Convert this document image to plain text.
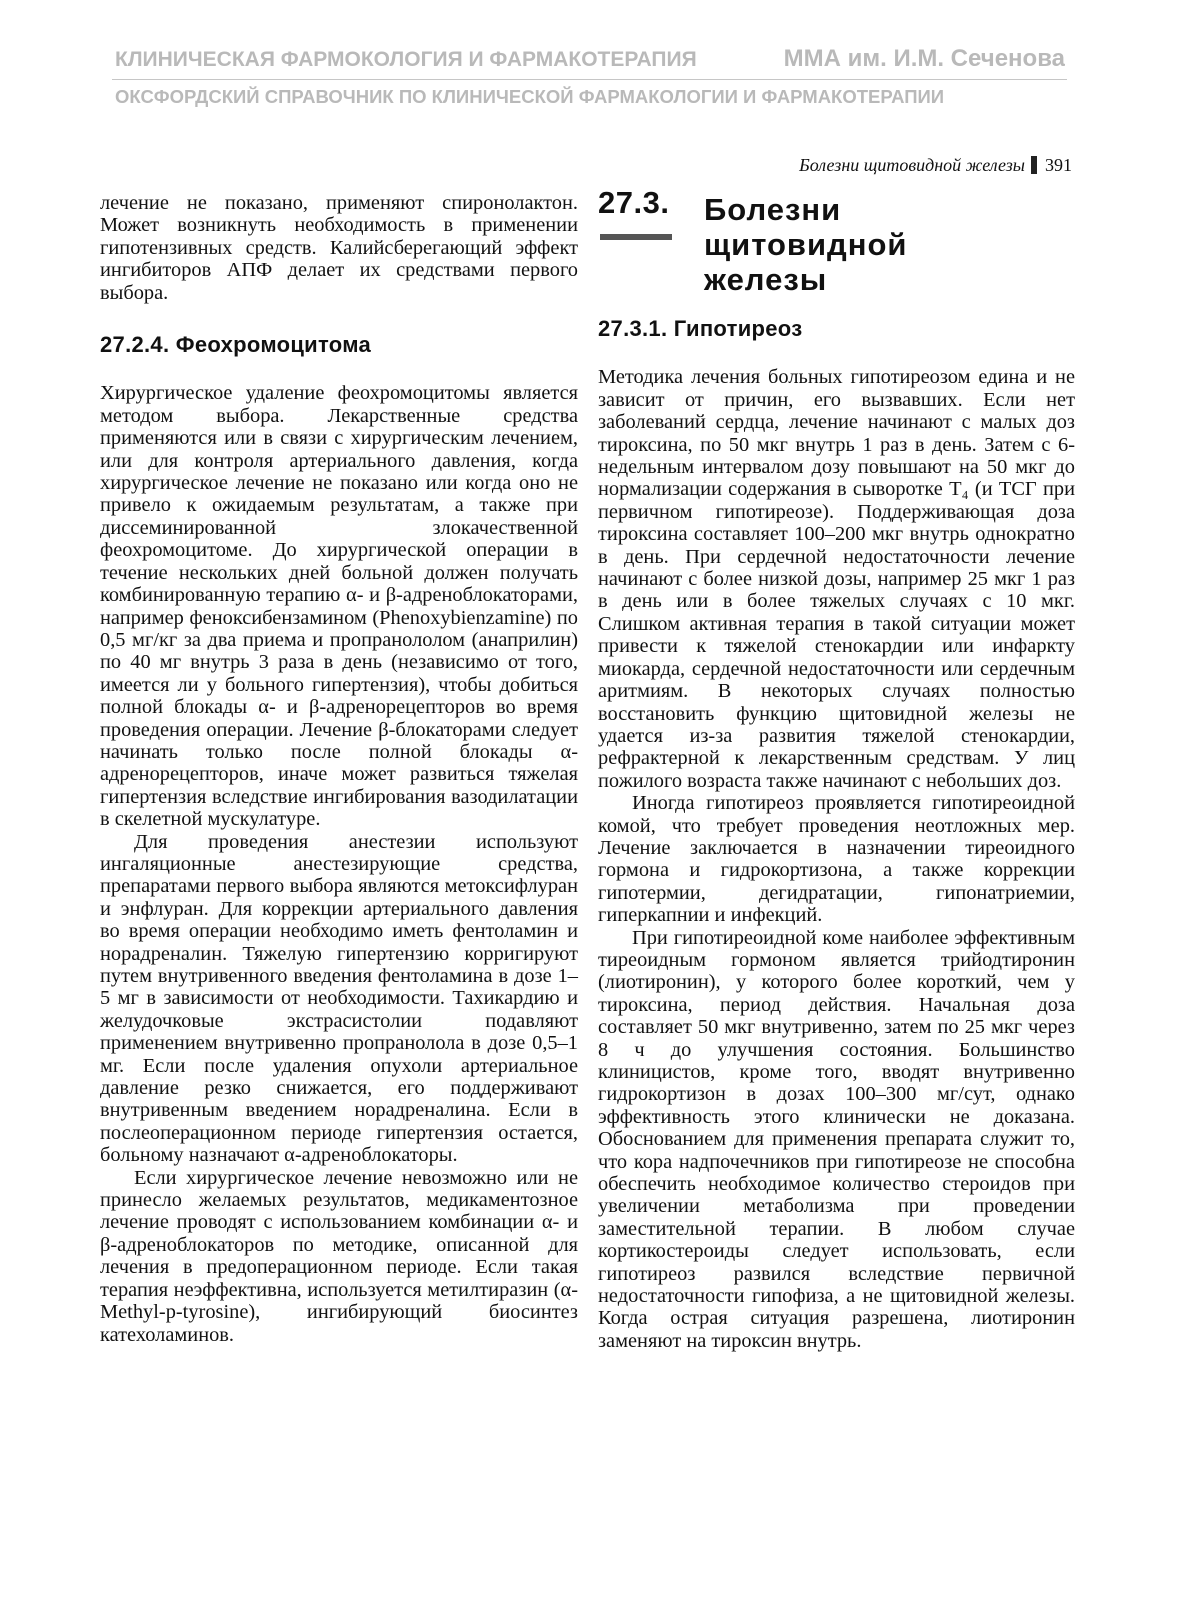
КЛИНИЧЕСКАЯ ФАРМОКОЛОГИЯ И ФАРМАКОТЕРАПИЯ	ММА им. И.М. Сеченова
ОКСФОРДСКИЙ СПРАВОЧНИК ПО КЛИНИЧЕСКОЙ ФАРМАКОЛОГИИ И ФАРМАКОТЕРАПИИ
Болезни щитовидной железы 391

лечение не показано, применяют спиронолактон. Может возникнуть необходимость в применении гипотензивных средств. Калийсберегающий эффект ингибиторов АПФ делает их средствами первого выбора.

27.2.4. Феохромоцитома

Хирургическое удаление феохромоцитомы является методом выбора. Лекарственные средства применяются или в связи с хирургическим лечением, или для контроля артериального давления, когда хирургическое лечение не показано или когда оно не привело к ожидаемым результатам, а также при диссеминированной злокачественной феохромоцитоме. До хирургической операции в течение нескольких дней больной должен получать комбинированную терапию α- и β-адреноблокаторами, например феноксибензамином (Phenoxybienzamine) по 0,5 мг/кг за два приема и пропранололом (анаприлин) по 40 мг внутрь 3 раза в день (независимо от того, имеется ли у больного гипертензия), чтобы добиться полной блокады α- и β-адренорецепторов во время проведения операции. Лечение β-блокаторами следует начинать только после полной блокады α-адренорецепторов, иначе может развиться тяжелая гипертензия вследствие ингибирования вазодилатации в скелетной мускулатуре.

Для проведения анестезии используют ингаляционные анестезирующие средства, препаратами первого выбора являются метоксифлуран и энфлуран. Для коррекции артериального давления во время операции необходимо иметь фентоламин и норадреналин. Тяжелую гипертензию корригируют путем внутривенного введения фентоламина в дозе 1–5 мг в зависимости от необходимости. Тахикардию и желудочковые экстрасистолии подавляют применением внутривенно пропранолола в дозе 0,5–1 мг. Если после удаления опухоли артериальное давление резко снижается, его поддерживают внутривенным введением норадреналина. Если в послеоперационном периоде гипертензия остается, больному назначают α-адреноблокаторы.

Если хирургическое лечение невозможно или не принесло желаемых результатов, медикаментозное лечение проводят с использованием комбинации α- и β-адреноблокаторов по методике, описанной для лечения в предоперационном периоде. Если такая терапия неэффективна, используется метилтиразин (α-Methyl-p-tyrosine), ингибирующий биосинтез катехоламинов.

27.3. Болезни
щитовидной
железы
27.3.1. Гипотиреоз

Методика лечения больных гипотиреозом едина и не зависит от причин, его вызвавших. Если нет заболеваний сердца, лечение начинают с малых доз тироксина, по 50 мкг внутрь 1 раз в день. Затем с 6-недельным интервалом дозу повышают на 50 мкг до нормализации содержания в сыворотке T₄ (и ТСГ при первичном гипотиреозе). Поддерживающая доза тироксина составляет 100–200 мкг внутрь однократно в день. При сердечной недостаточности лечение начинают с более низкой дозы, например 25 мкг 1 раз в день или в более тяжелых случаях с 10 мкг. Слишком активная терапия в такой ситуации может привести к тяжелой стенокардии или инфаркту миокарда, сердечной недостаточности или сердечным аритмиям. В некоторых случаях полностью восстановить функцию щитовидной железы не удается из-за развития тяжелой стенокардии, рефрактерной к лекарственным средствам. У лиц пожилого возраста также начинают с небольших доз.

Иногда гипотиреоз проявляется гипотиреоидной комой, что требует проведения неотложных мер. Лечение заключается в назначении тиреоидного гормона и гидрокортизона, а также коррекции гипотермии, дегидратации, гипонатриемии, гиперкапнии и инфекций.

При гипотиреоидной коме наиболее эффективным тиреоидным гормоном является трийодтиронин (лиотиронин), у которого более короткий, чем у тироксина, период действия. Начальная доза составляет 50 мкг внутривенно, затем по 25 мкг через 8 ч до улучшения состояния. Большинство клиницистов, кроме того, вводят внутривенно гидрокортизон в дозах 100–300 мг/сут, однако эффективность этого клинически не доказана. Обоснованием для применения препарата служит то, что кора надпочечников при гипотиреозе не способна обеспечить необходимое количество стероидов при увеличении метаболизма при проведении заместительной терапии. В любом случае кортикостероиды следует использовать, если гипотиреоз развился вследствие первичной недостаточности гипофиза, а не щитовидной железы. Когда острая ситуация разрешена, лиотиронин заменяют на тироксин внутрь.
